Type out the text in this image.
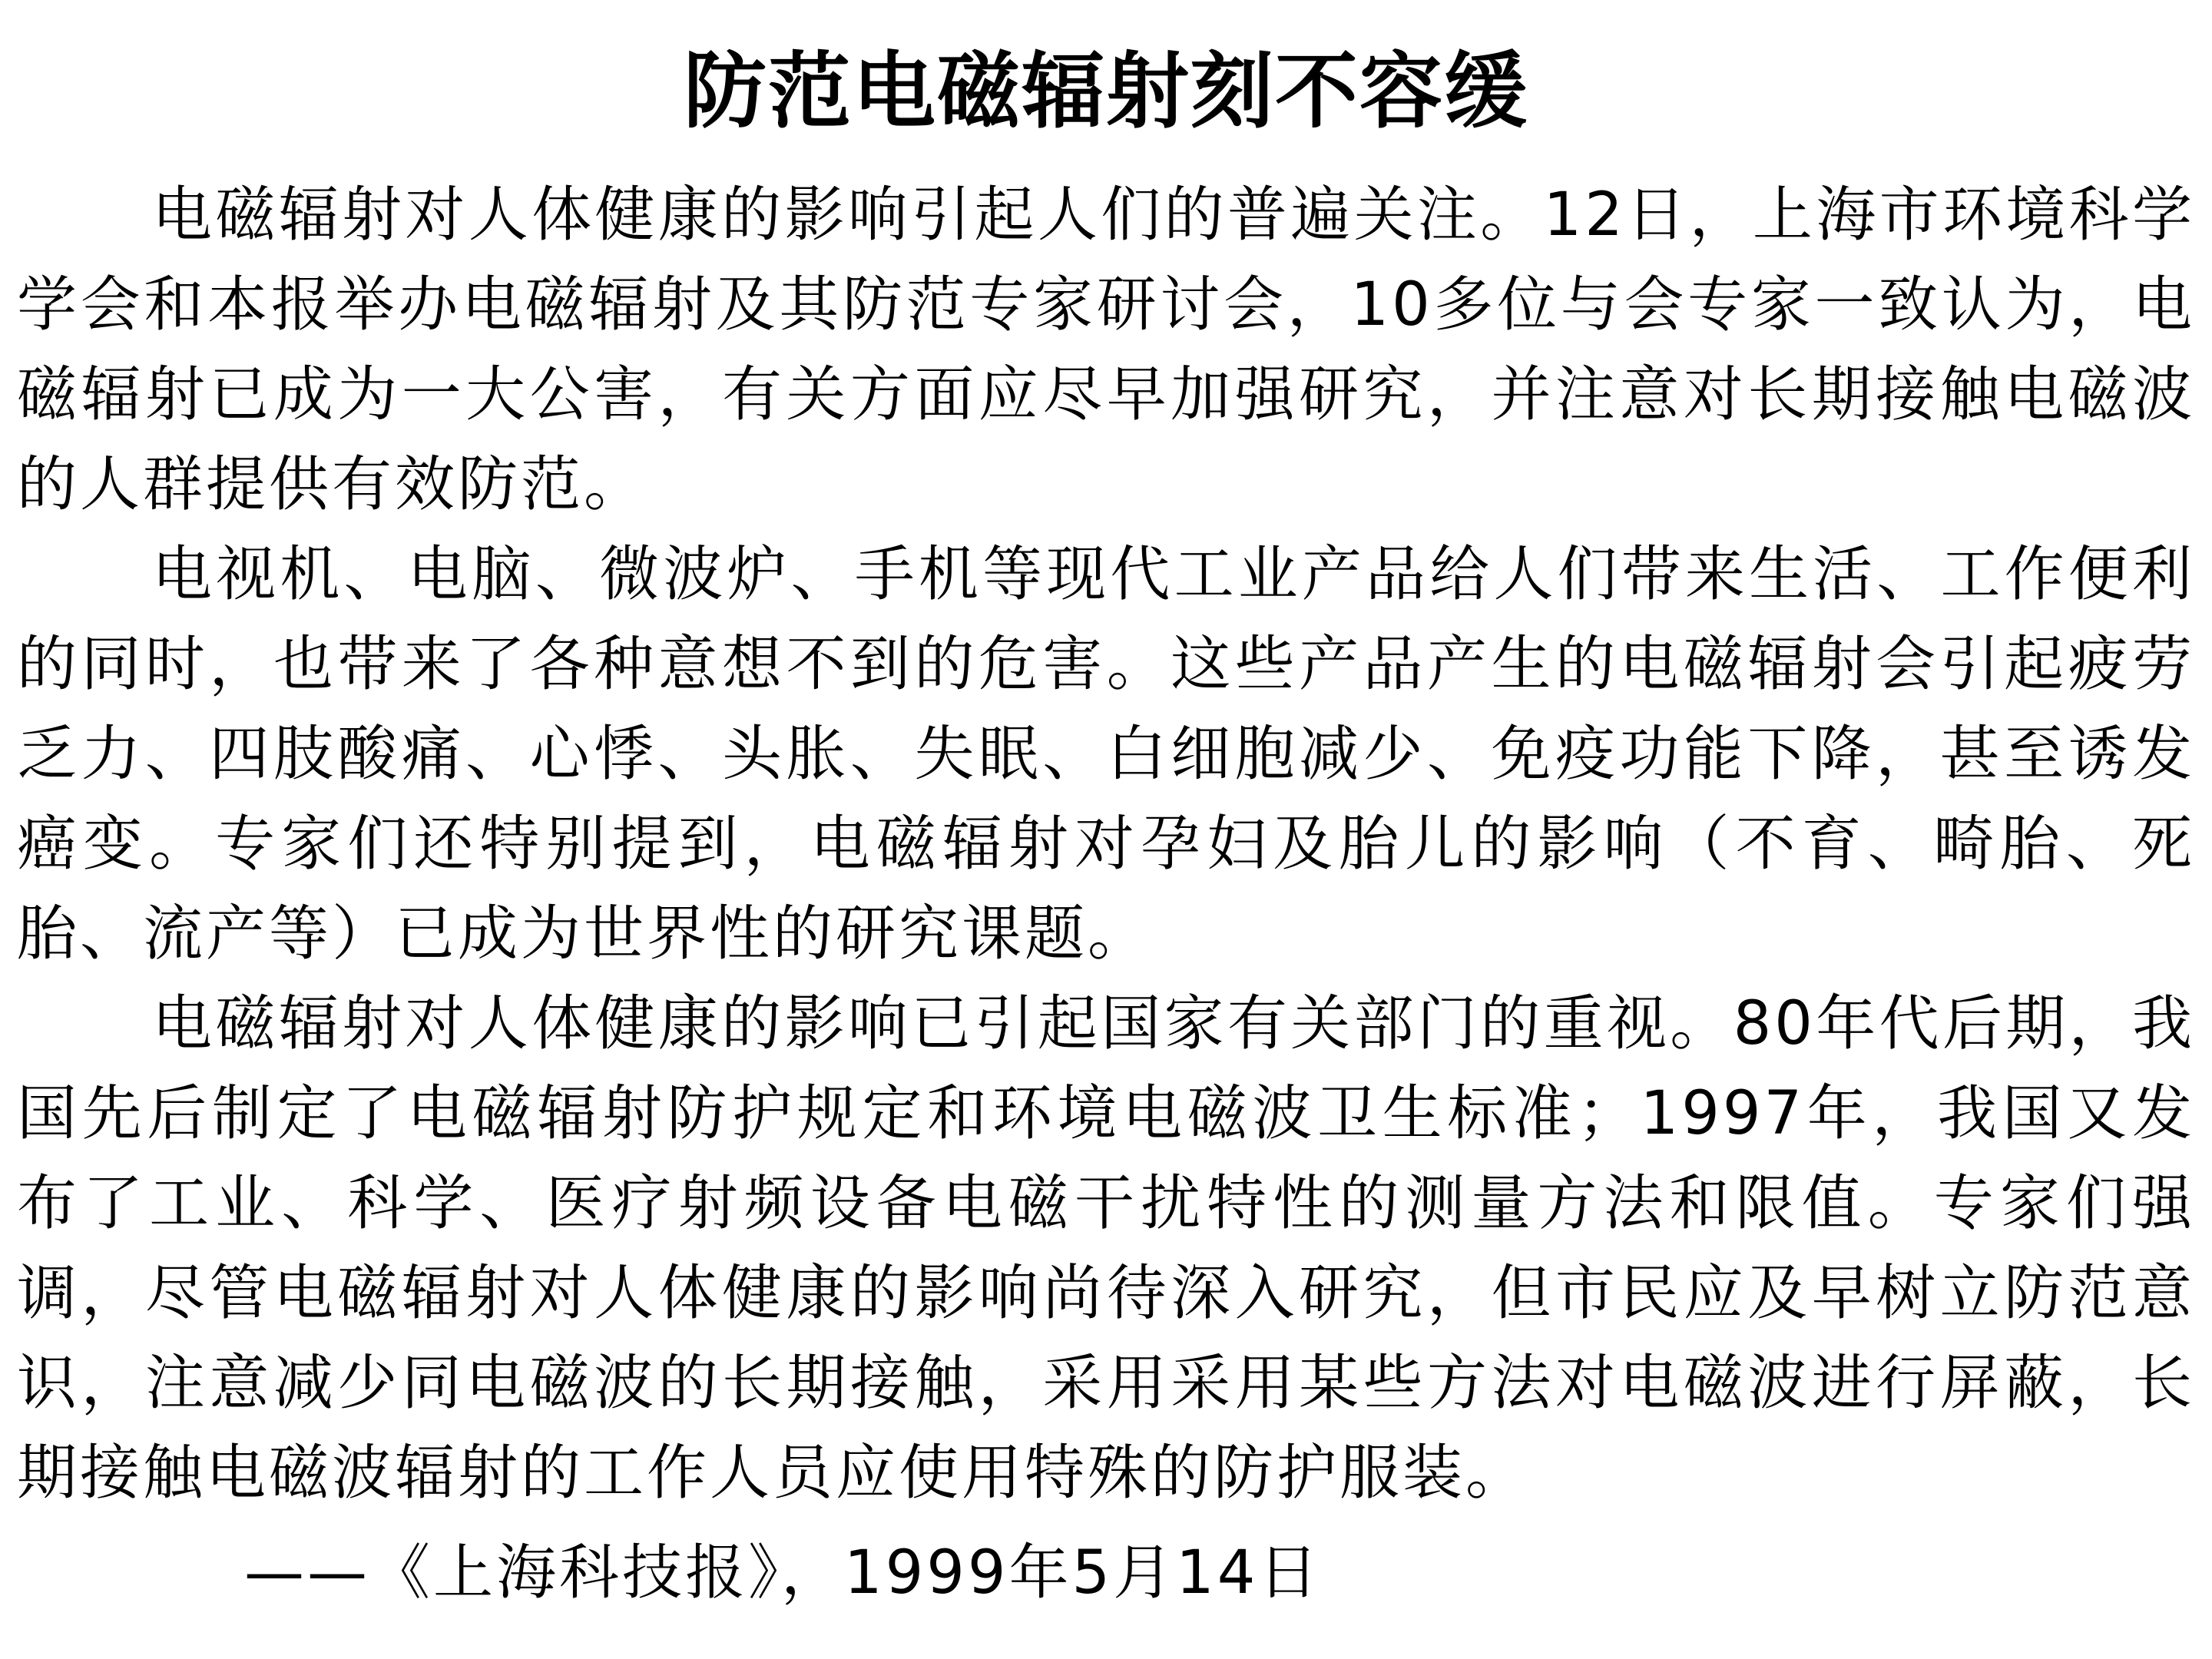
防范电磁辐射刻不容缓

电磁辐射对人体健康的影响引起人们的普遍关注。12日，上海市环境科学学会和本报举办电磁辐射及其防范专家研讨会，10多位与会专家一致认为，电磁辐射已成为一大公害，有关方面应尽早加强研究，并注意对长期接触电磁波的人群提供有效防范。

电视机、电脑、微波炉、手机等现代工业产品给人们带来生活、工作便利的同时，也带来了各种意想不到的危害。这些产品产生的电磁辐射会引起疲劳乏力、四肢酸痛、心悸、头胀、失眠、白细胞减少、免疫功能下降，甚至诱发癌变。专家们还特别提到，电磁辐射对孕妇及胎儿的影响（不育、畸胎、死胎、流产等）已成为世界性的研究课题。

电磁辐射对人体健康的影响已引起国家有关部门的重视。80年代后期，我国先后制定了电磁辐射防护规定和环境电磁波卫生标准；1997年，我国又发布了工业、科学、医疗射频设备电磁干扰特性的测量方法和限值。专家们强调，尽管电磁辐射对人体健康的影响尚待深入研究，但市民应及早树立防范意识，注意减少同电磁波的长期接触，采用采用某些方法对电磁波进行屏蔽，长期接触电磁波辐射的工作人员应使用特殊的防护服装。

——《上海科技报》，1999年5月14日
